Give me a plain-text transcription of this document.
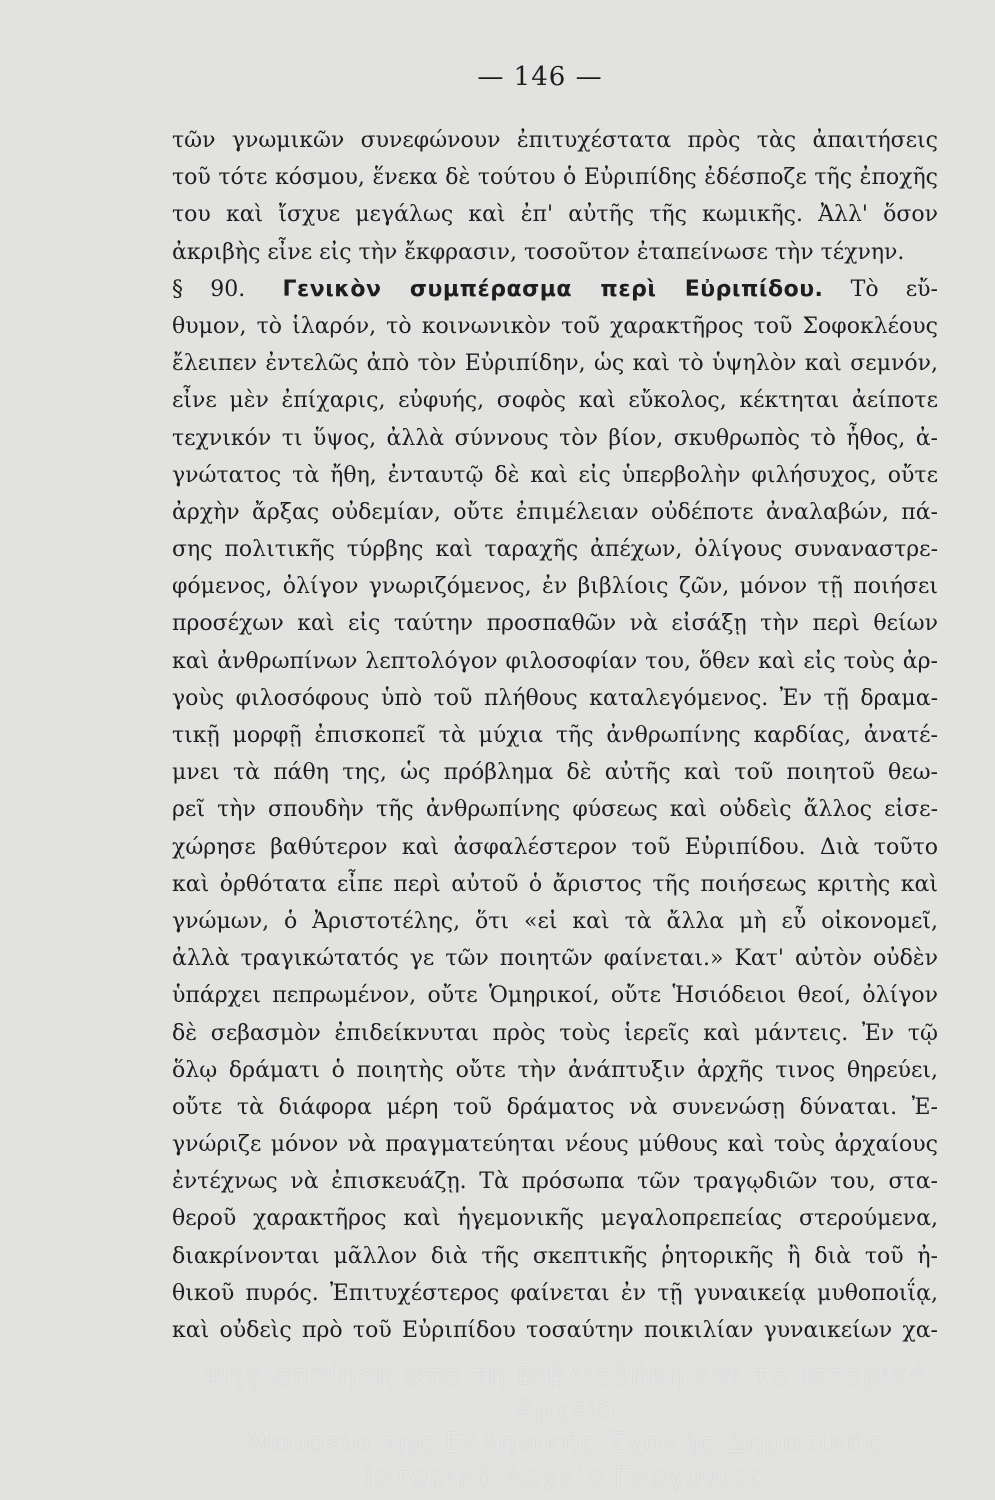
— 146 —
τῶν γνωμικῶν συνεφώνουν ἐπιτυχέστατα πρὸς τὰς ἀπαιτήσεις
τοῦ τότε κόσμου, ἕνεκα δὲ τούτου ὁ Εὐριπίδης ἐδέσποζε τῆς ἐποχῆς
του καὶ ἴσχυε μεγάλως καὶ ἐπ' αὐτῆς τῆς κωμικῆς. Ἀλλ' ὅσον
ἀκριβὴς εἶνε εἰς τὴν ἔκφρασιν, τοσοῦτον ἐταπείνωσε τὴν τέχνην.
§ 90. Γενικὸν συμπέρασμα περὶ Εὐριπίδου. Τὸ εὔ-
θυμον, τὸ ἱλαρόν, τὸ κοινωνικὸν τοῦ χαρακτῆρος τοῦ Σοφοκλέους
ἔλειπεν ἐντελῶς ἀπὸ τὸν Εὐριπίδην, ὡς καὶ τὸ ὑψηλὸν καὶ σεμνόν,
εἶνε μὲν ἐπίχαρις, εὐφυής, σοφὸς καὶ εὔκολος, κέκτηται ἀείποτε
τεχνικόν τι ὕψος, ἀλλὰ σύννους τὸν βίον, σκυθρωπὸς τὸ ἦθος, ἀ-
γνώτατος τὰ ἤθη, ἐνταυτῷ δὲ καὶ εἰς ὑπερβολὴν φιλήσυχος, οὔτε
ἀρχὴν ἄρξας οὐδεμίαν, οὔτε ἐπιμέλειαν οὐδέποτε ἀναλαβών, πά-
σης πολιτικῆς τύρβης καὶ ταραχῆς ἀπέχων, ὀλίγους συναναστρε-
φόμενος, ὀλίγον γνωριζόμενος, ἐν βιβλίοις ζῶν, μόνον τῇ ποιήσει
προσέχων καὶ εἰς ταύτην προσπαθῶν νὰ εἰσάξῃ τὴν περὶ θείων
καὶ ἀνθρωπίνων λεπτολόγον φιλοσοφίαν του, ὅθεν καὶ εἰς τοὺς ἀρ-
γοὺς φιλοσόφους ὑπὸ τοῦ πλήθους καταλεγόμενος. Ἐν τῇ δραμα-
τικῇ μορφῇ ἐπισκοπεῖ τὰ μύχια τῆς ἀνθρωπίνης καρδίας, ἀνατέ-
μνει τὰ πάθη της, ὡς πρόβλημα δὲ αὐτῆς καὶ τοῦ ποιητοῦ θεω-
ρεῖ τὴν σπουδὴν τῆς ἀνθρωπίνης φύσεως καὶ οὐδεὶς ἄλλος εἰσε-
χώρησε βαθύτερον καὶ ἀσφαλέστερον τοῦ Εὐριπίδου. Διὰ τοῦτο
καὶ ὀρθότατα εἶπε περὶ αὐτοῦ ὁ ἄριστος τῆς ποιήσεως κριτὴς καὶ
γνώμων, ὁ Ἀριστοτέλης, ὅτι «εἰ καὶ τὰ ἄλλα μὴ εὖ οἰκονομεῖ,
ἀλλὰ τραγικώτατός γε τῶν ποιητῶν φαίνεται.» Κατ' αὐτὸν οὐδὲν
ὑπάρχει πεπρωμένον, οὔτε Ὁμηρικοί, οὔτε Ἡσιόδειοι θεοί, ὀλίγον
δὲ σεβασμὸν ἐπιδείκνυται πρὸς τοὺς ἱερεῖς καὶ μάντεις. Ἐν τῷ
ὅλῳ δράματι ὁ ποιητὴς οὔτε τὴν ἀνάπτυξιν ἀρχῆς τινος θηρεύει,
οὔτε τὰ διάφορα μέρη τοῦ δράματος νὰ συνενώσῃ δύναται. Ἐ-
γνώριζε μόνον νὰ πραγματεύηται νέους μύθους καὶ τοὺς ἀρχαίους
ἐντέχνως νὰ ἐπισκευάζῃ. Τὰ πρόσωπα τῶν τραγῳδιῶν του, στα-
θεροῦ χαρακτῆρος καὶ ἡγεμονικῆς μεγαλοπρεπείας στερούμενα,
διακρίνονται μᾶλλον διὰ τῆς σκεπτικῆς ῥητορικῆς ἢ διὰ τοῦ ἠ-
θικοῦ πυρός. Ἐπιτυχέστερος φαίνεται ἐν τῇ γυναικείᾳ μυθοποιΐᾳ,
καὶ οὐδεὶς πρὸ τοῦ Εὐριπίδου τοσαύτην ποικιλίαν γυναικείων χα-
Ψηφιοποίηση από τη Βιβλιοθήκη και το Ιστορικό Αρχείο
Μουσείο της Ελληνικής Σχολής Δημοτικής
Ιστορικό Αρχείο Γοργύνιος
